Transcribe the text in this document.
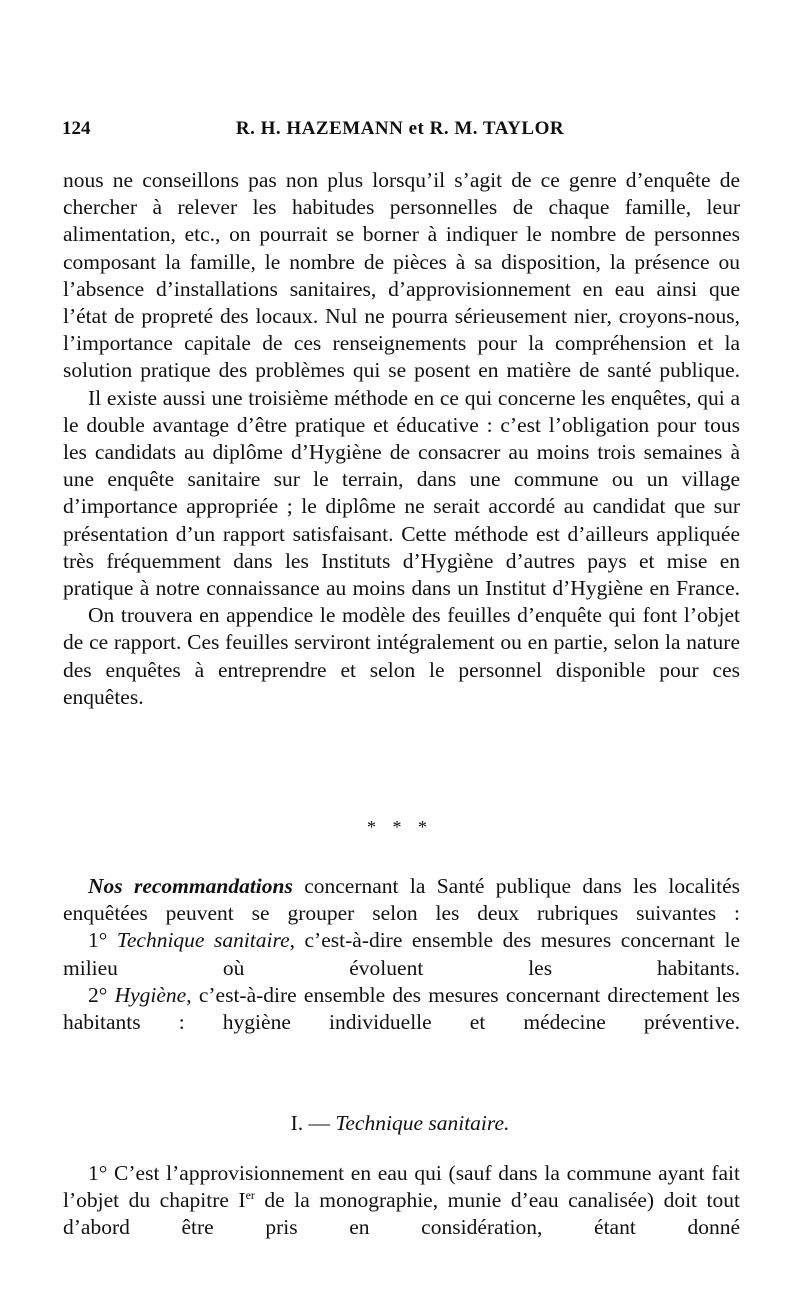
124	R. H. HAZEMANN et R. M. TAYLOR

nous ne conseillons pas non plus lorsqu’il s’agit de ce genre d’enquête de chercher à relever les habitudes personnelles de chaque famille, leur alimentation, etc., on pourrait se borner à indiquer le nombre de personnes composant la famille, le nombre de pièces à sa disposition, la présence ou l’absence d’installations sanitaires, d’approvisionnement en eau ainsi que l’état de propreté des locaux. Nul ne pourra sérieusement nier, croyons-nous, l’importance capitale de ces renseignements pour la compréhension et la solution pratique des problèmes qui se posent en matière de santé publique.

Il existe aussi une troisième méthode en ce qui concerne les enquêtes, qui a le double avantage d’être pratique et éducative : c’est l’obligation pour tous les candidats au diplôme d’Hygiène de consacrer au moins trois semaines à une enquête sanitaire sur le terrain, dans une commune ou un village d’importance appropriée ; le diplôme ne serait accordé au candidat que sur présentation d’un rapport satisfaisant. Cette méthode est d’ailleurs appliquée très fréquemment dans les Instituts d’Hygiène d’autres pays et mise en pratique à notre connaissance au moins dans un Institut d’Hygiène en France.

On trouvera en appendice le modèle des feuilles d’enquête qui font l’objet de ce rapport. Ces feuilles serviront intégralement ou en partie, selon la nature des enquêtes à entreprendre et selon le personnel disponible pour ces enquêtes.

* * *

Nos recommandations concernant la Santé publique dans les localités enquêtées peuvent se grouper selon les deux rubriques suivantes :

1° Technique sanitaire, c’est-à-dire ensemble des mesures concernant le milieu où évoluent les habitants.

2° Hygiène, c’est-à-dire ensemble des mesures concernant directement les habitants : hygiène individuelle et médecine préventive.

I. — Technique sanitaire.

1° C’est l’approvisionnement en eau qui (sauf dans la commune ayant fait l’objet du chapitre Ier de la monographie, munie d’eau canalisée) doit tout d’abord être pris en considération, étant donné
